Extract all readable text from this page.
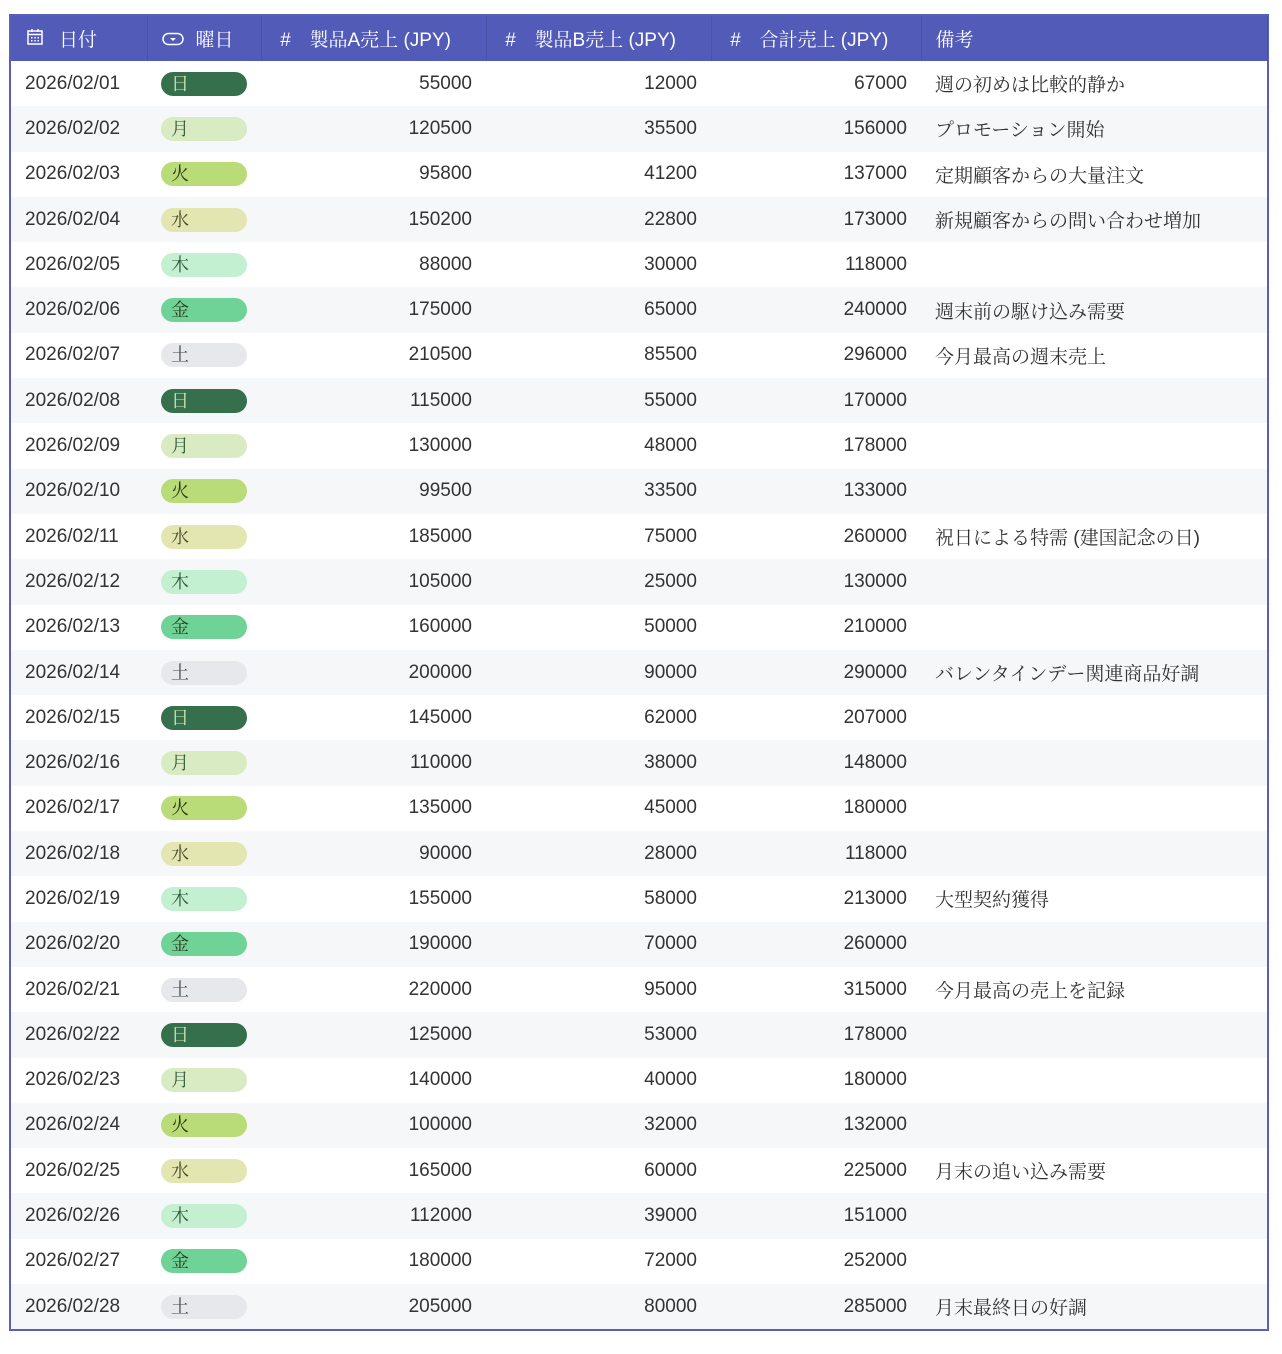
日付	曜日	# 製品A売上 (JPY)	# 製品B売上 (JPY)	# 合計売上 (JPY)	備考
2026/02/01	日	55000	12000	67000	週の初めは比較的静か
2026/02/02	月	120500	35500	156000	プロモーション開始
2026/02/03	火	95800	41200	137000	定期顧客からの大量注文
2026/02/04	水	150200	22800	173000	新規顧客からの問い合わせ増加
2026/02/05	木	88000	30000	118000	
2026/02/06	金	175000	65000	240000	週末前の駆け込み需要
2026/02/07	土	210500	85500	296000	今月最高の週末売上
2026/02/08	日	115000	55000	170000	
2026/02/09	月	130000	48000	178000	
2026/02/10	火	99500	33500	133000	
2026/02/11	水	185000	75000	260000	祝日による特需 (建国記念の日)
2026/02/12	木	105000	25000	130000	
2026/02/13	金	160000	50000	210000	
2026/02/14	土	200000	90000	290000	バレンタインデー関連商品好調
2026/02/15	日	145000	62000	207000	
2026/02/16	月	110000	38000	148000	
2026/02/17	火	135000	45000	180000	
2026/02/18	水	90000	28000	118000	
2026/02/19	木	155000	58000	213000	大型契約獲得
2026/02/20	金	190000	70000	260000	
2026/02/21	土	220000	95000	315000	今月最高の売上を記録
2026/02/22	日	125000	53000	178000	
2026/02/23	月	140000	40000	180000	
2026/02/24	火	100000	32000	132000	
2026/02/25	水	165000	60000	225000	月末の追い込み需要
2026/02/26	木	112000	39000	151000	
2026/02/27	金	180000	72000	252000	
2026/02/28	土	205000	80000	285000	月末最終日の好調
